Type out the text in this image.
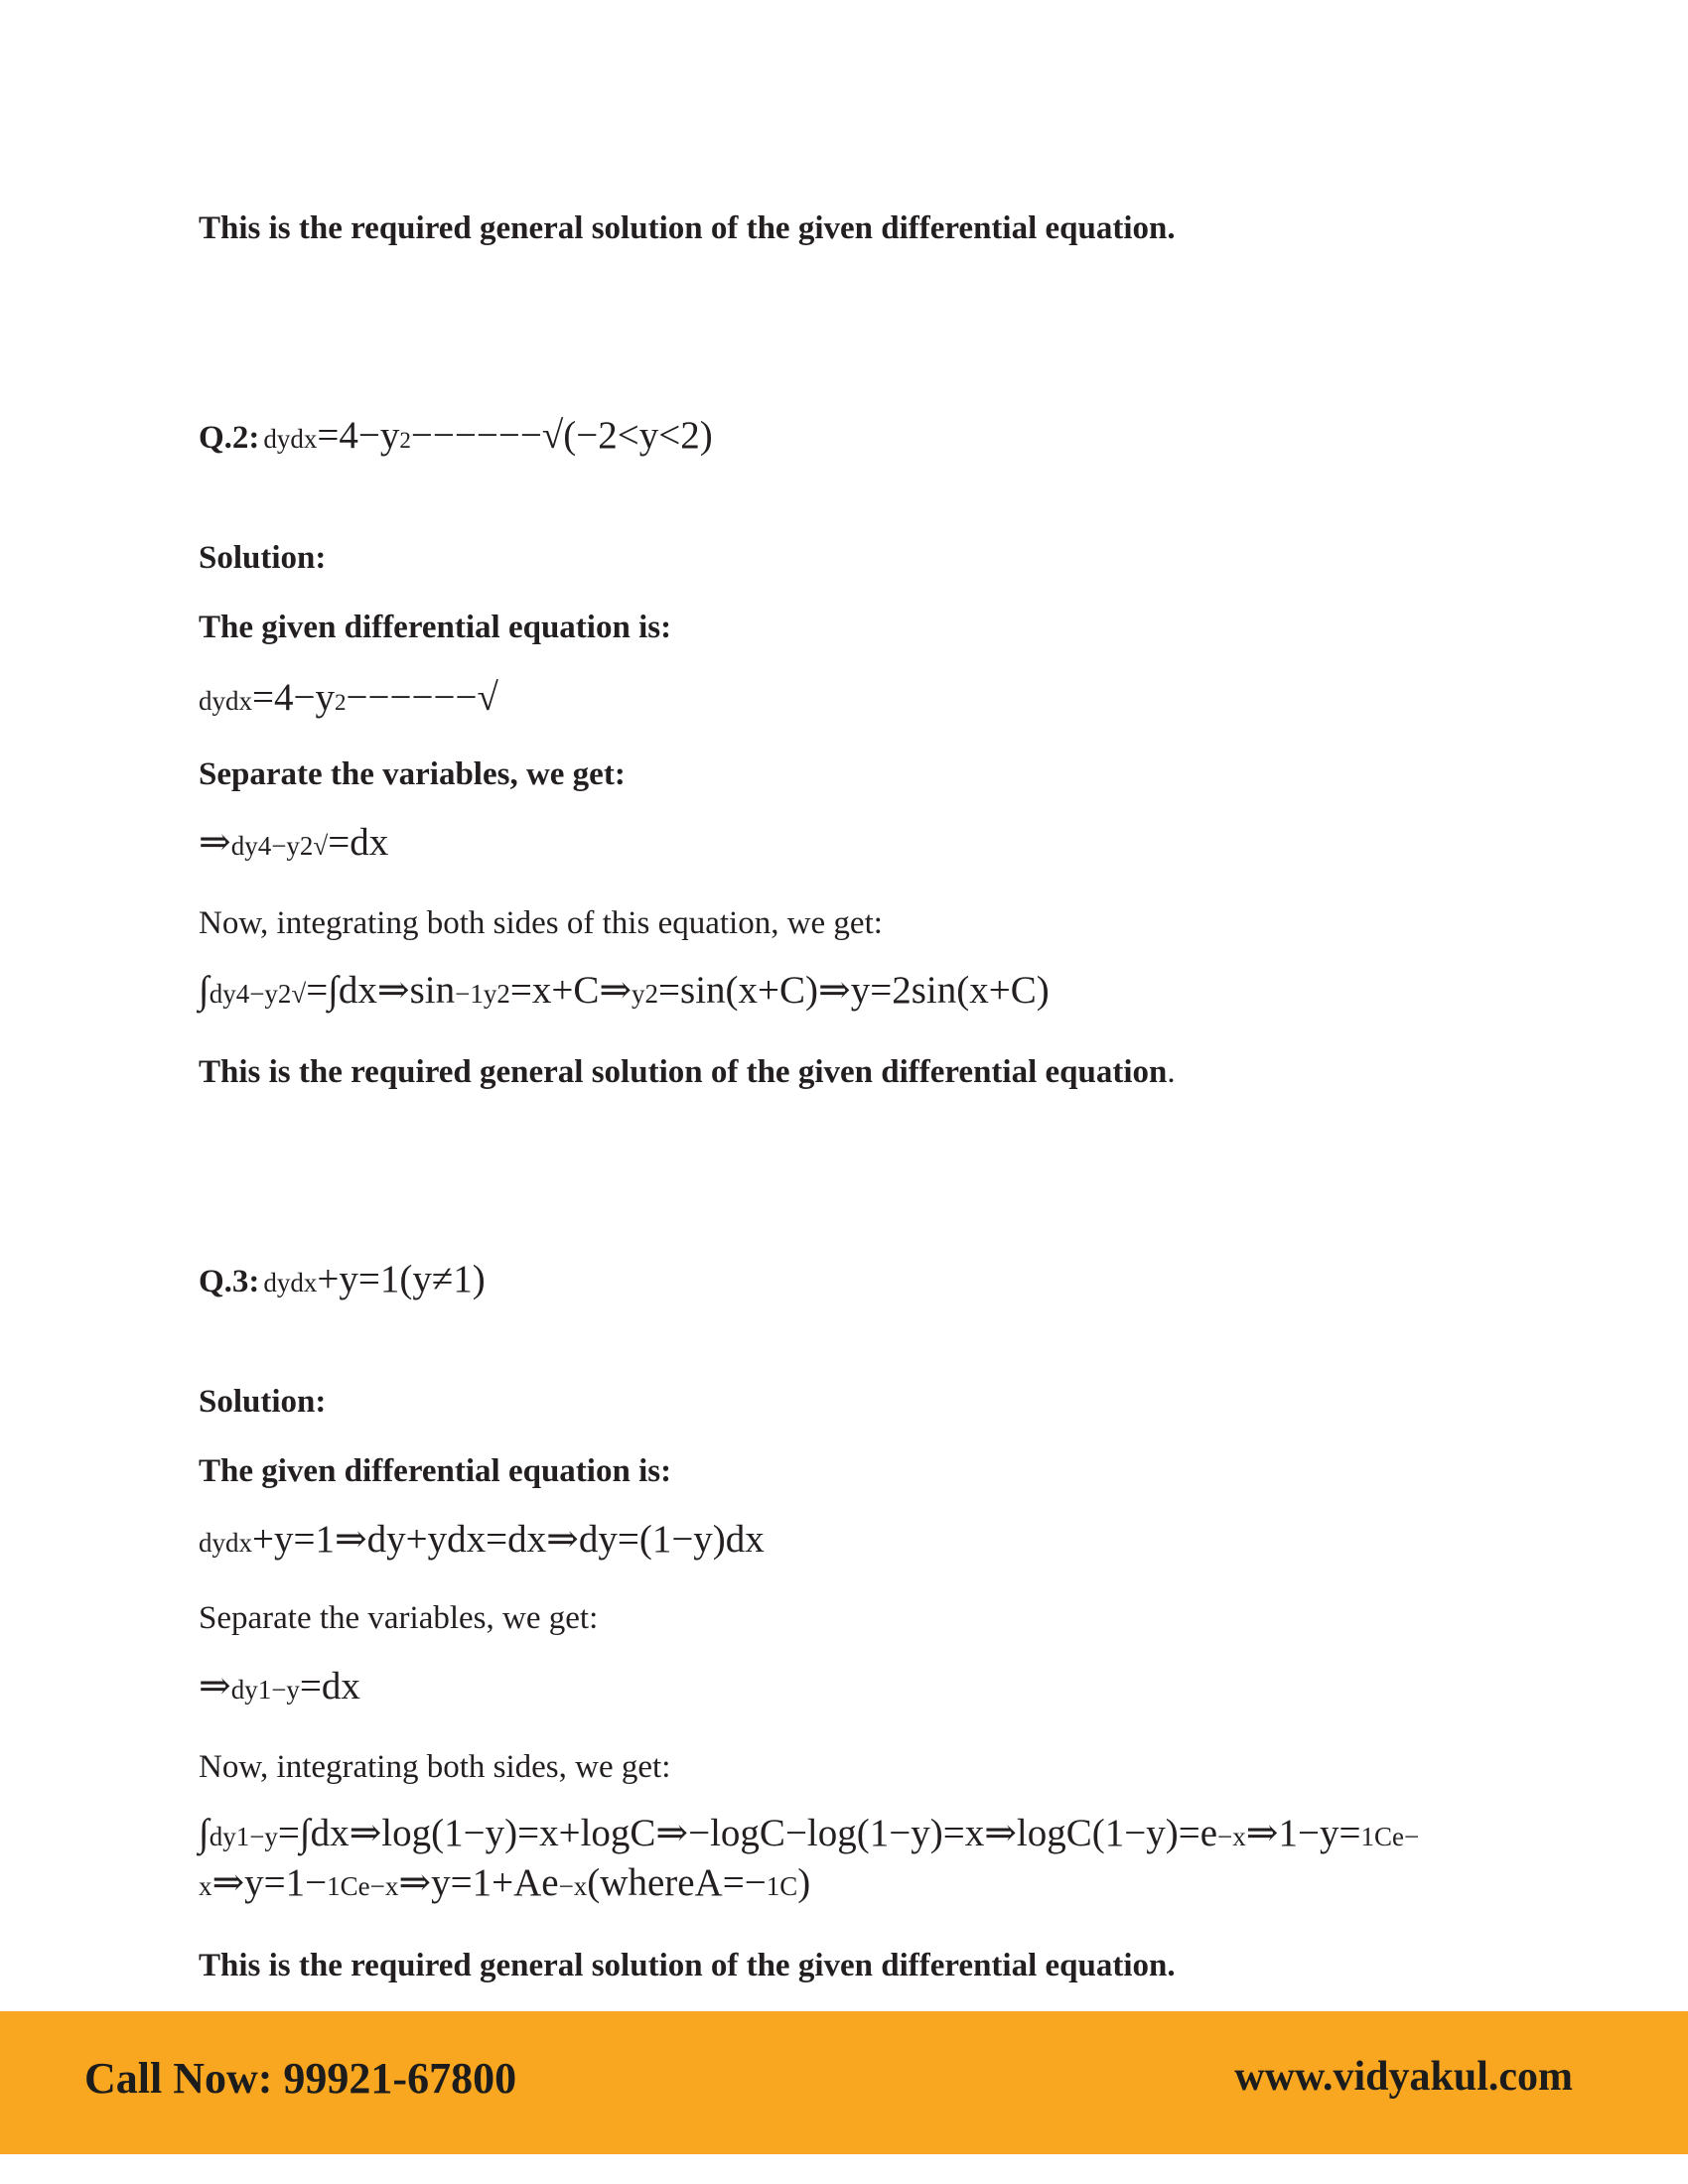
This is the required general solution of the given differential equation.

Q.2: dydx=4−y2−−−−−−√(−2<y<2)

Solution:

The given differential equation is:

dydx=4−y2−−−−−−√

Separate the variables, we get:

⇒dy4−y2√=dx

Now, integrating both sides of this equation, we get:

∫dy4−y2√=∫dx⇒sin−1y2=x+C⇒y2=sin(x+C)⇒y=2sin(x+C)

This is the required general solution of the given differential equation.

Q.3: dydx+y=1(y≠1)

Solution:

The given differential equation is:

dydx+y=1⇒dy+ydx=dx⇒dy=(1−y)dx

Separate the variables, we get:

⇒dy1−y=dx

Now, integrating both sides, we get:

∫dy1−y=∫dx⇒log(1−y)=x+logC⇒−logC−log(1−y)=x⇒logC(1−y)=e−x⇒1−y=1Ce−

x⇒y=1−1Ce−x⇒y=1+Ae−x(whereA=−1C)

This is the required general solution of the given differential equation.

Call Now: 99921-67800	www.vidyakul.com
